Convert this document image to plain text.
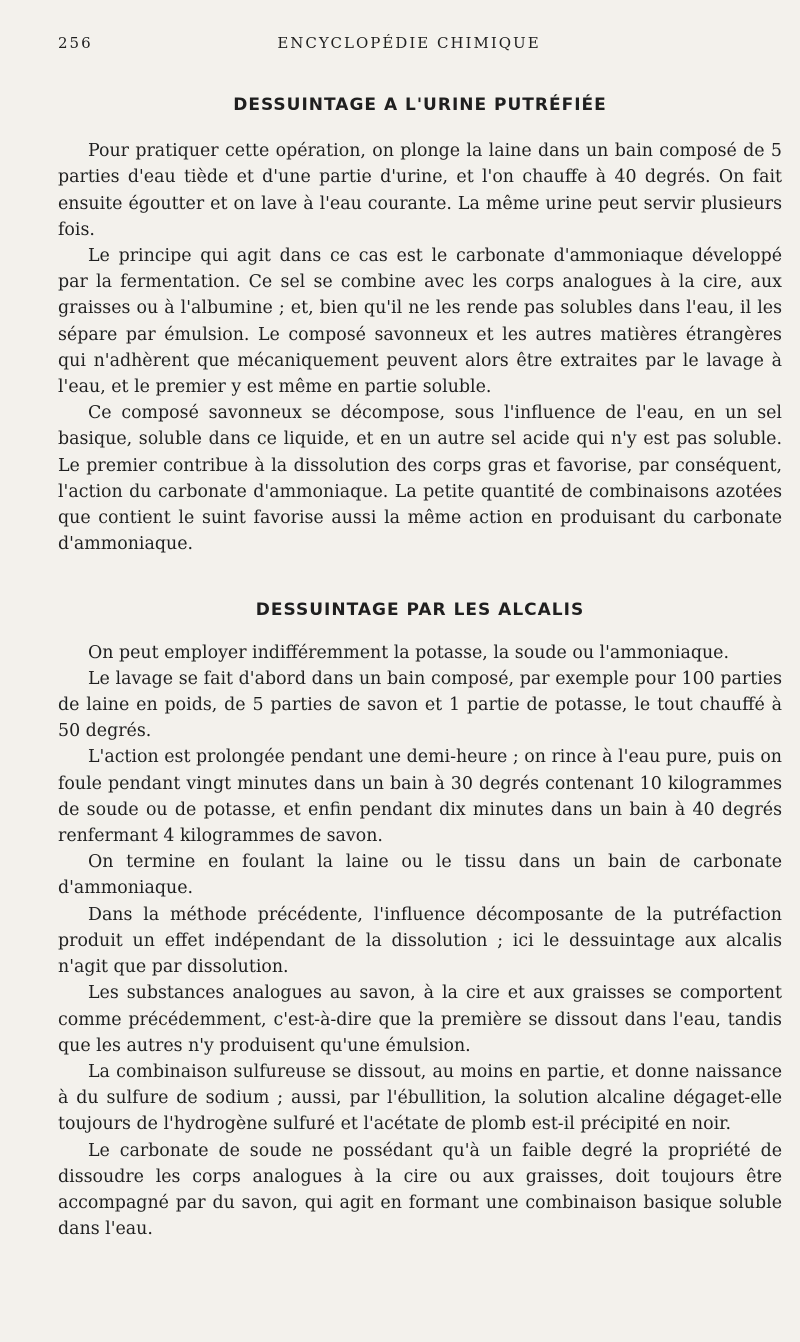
256	ENCYCLOPÉDIE CHIMIQUE
DESSUINTAGE A L'URINE PUTRÉFIÉE

Pour pratiquer cette opération, on plonge la laine dans un bain composé de 5 parties d'eau tiède et d'une partie d'urine, et l'on chauffe à 40 degrés. On fait ensuite égoutter et on lave à l'eau courante. La même urine peut servir plusieurs fois.

Le principe qui agit dans ce cas est le carbonate d'ammoniaque développé par la fermentation. Ce sel se combine avec les corps analogues à la cire, aux graisses ou à l'albumine ; et, bien qu'il ne les rende pas solubles dans l'eau, il les sépare par émulsion. Le composé savonneux et les autres matières étrangères qui n'adhèrent que mécaniquement peuvent alors être extraites par le lavage à l'eau, et le premier y est même en partie soluble.

Ce composé savonneux se décompose, sous l'influence de l'eau, en un sel basique, soluble dans ce liquide, et en un autre sel acide qui n'y est pas soluble. Le premier contribue à la dissolution des corps gras et favorise, par conséquent, l'action du carbonate d'ammoniaque. La petite quantité de combinaisons azotées que contient le suint favorise aussi la même action en produisant du carbonate d'ammoniaque.

DESSUINTAGE PAR LES ALCALIS

On peut employer indifféremment la potasse, la soude ou l'ammoniaque.

Le lavage se fait d'abord dans un bain composé, par exemple pour 100 parties de laine en poids, de 5 parties de savon et 1 partie de potasse, le tout chauffé à 50 degrés.

L'action est prolongée pendant une demi-heure ; on rince à l'eau pure, puis on foule pendant vingt minutes dans un bain à 30 degrés contenant 10 kilogrammes de soude ou de potasse, et enfin pendant dix minutes dans un bain à 40 degrés renfermant 4 kilogrammes de savon.

On termine en foulant la laine ou le tissu dans un bain de carbonate d'ammoniaque.

Dans la méthode précédente, l'influence décomposante de la putréfaction produit un effet indépendant de la dissolution ; ici le dessuintage aux alcalis n'agit que par dissolution.

Les substances analogues au savon, à la cire et aux graisses se comportent comme précédemment, c'est-à-dire que la première se dissout dans l'eau, tandis que les autres n'y produisent qu'une émulsion.

La combinaison sulfureuse se dissout, au moins en partie, et donne naissance à du sulfure de sodium ; aussi, par l'ébullition, la solution alcaline dégaget-elle toujours de l'hydrogène sulfuré et l'acétate de plomb est-il précipité en noir.

Le carbonate de soude ne possédant qu'à un faible degré la propriété de dissoudre les corps analogues à la cire ou aux graisses, doit toujours être accompagné par du savon, qui agit en formant une combinaison basique soluble dans l'eau.
